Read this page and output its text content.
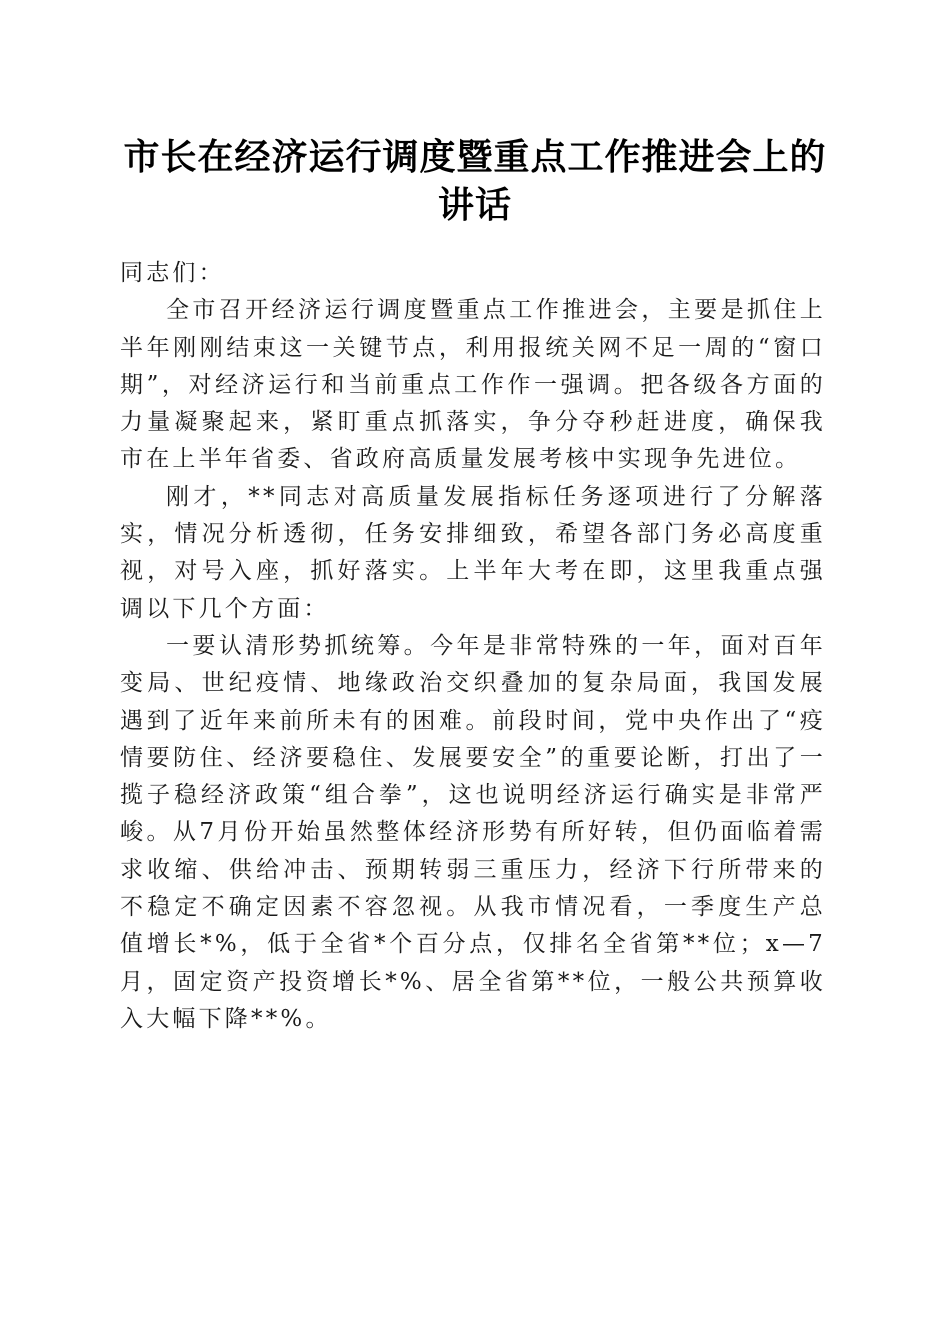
市长在经济运行调度暨重点工作推进会上的讲话

同志们：

全市召开经济运行调度暨重点工作推进会，主要是抓住上半年刚刚结束这一关键节点，利用报统关网不足一周的“窗口期”，对经济运行和当前重点工作作一强调。把各级各方面的力量凝聚起来，紧盯重点抓落实，争分夺秒赶进度，确保我市在上半年省委、省政府高质量发展考核中实现争先进位。

刚才，**同志对高质量发展指标任务逐项进行了分解落实，情况分析透彻，任务安排细致，希望各部门务必高度重视，对号入座，抓好落实。上半年大考在即，这里我重点强调以下几个方面：

一要认清形势抓统筹。今年是非常特殊的一年，面对百年变局、世纪疫情、地缘政治交织叠加的复杂局面，我国发展遇到了近年来前所未有的困难。前段时间，党中央作出了“疫情要防住、经济要稳住、发展要安全”的重要论断，打出了一揽子稳经济政策“组合拳”，这也说明经济运行确实是非常严峻。从7月份开始虽然整体经济形势有所好转，但仍面临着需求收缩、供给冲击、预期转弱三重压力，经济下行所带来的不稳定不确定因素不容忽视。从我市情况看，一季度生产总值增长*%，低于全省*个百分点，仅排名全省第**位；x—7月，固定资产投资增长*%、居全省第**位，一般公共预算收入大幅下降**%。
